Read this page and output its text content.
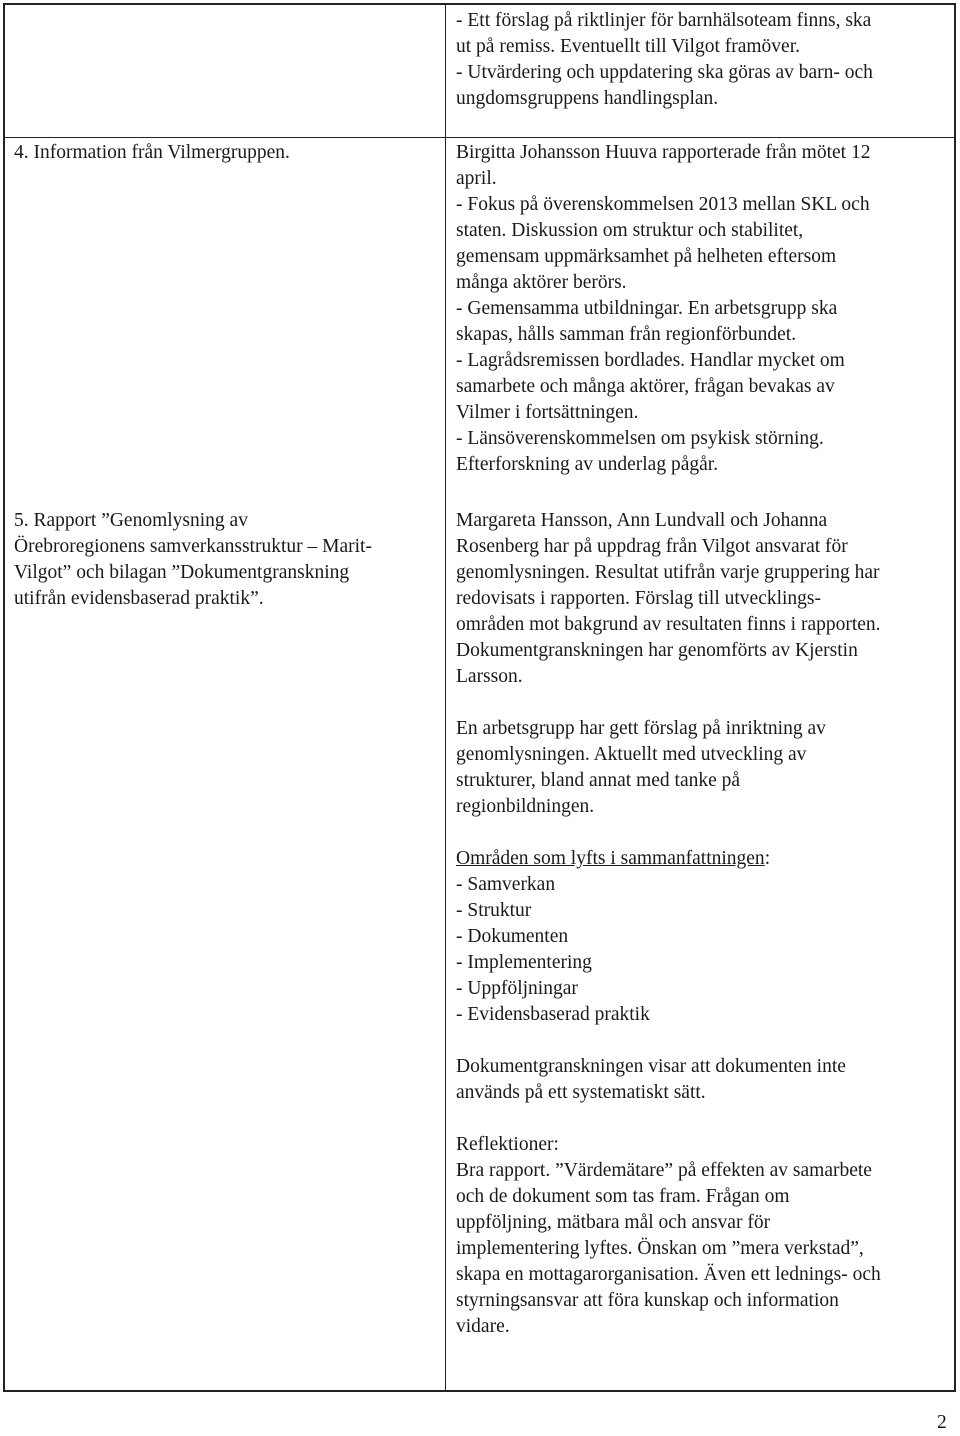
- Ett förslag på riktlinjer för barnhälsoteam finns, ska
ut på remiss. Eventuellt till Vilgot framöver.
- Utvärdering och uppdatering ska göras av barn- och
ungdomsgruppens handlingsplan.
4. Information från Vilmergruppen.	Birgitta Johansson Huuva rapporterade från mötet 12
april.
- Fokus på överenskommelsen 2013 mellan SKL och
staten. Diskussion om struktur och stabilitet,
gemensam uppmärksamhet på helheten eftersom
många aktörer berörs.
- Gemensamma utbildningar. En arbetsgrupp ska
skapas, hålls samman från regionförbundet.
- Lagrådsremissen bordlades. Handlar mycket om
samarbete och många aktörer, frågan bevakas av
Vilmer i fortsättningen.
- Länsöverenskommelsen om psykisk störning.
Efterforskning av underlag pågår.
5. Rapport ”Genomlysning av
Örebroregionens samverkansstruktur – Marit-
Vilgot” och bilagan ”Dokumentgranskning
utifrån evidensbaserad praktik”.
Margareta Hansson, Ann Lundvall och Johanna
Rosenberg har på uppdrag från Vilgot ansvarat för
genomlysningen. Resultat utifrån varje gruppering har
redovisats i rapporten. Förslag till utvecklings-
områden mot bakgrund av resultaten finns i rapporten.
Dokumentgranskningen har genomförts av Kjerstin
Larsson.
En arbetsgrupp har gett förslag på inriktning av
genomlysningen. Aktuellt med utveckling av
strukturer, bland annat med tanke på
regionbildningen.
Områden som lyfts i sammanfattningen:
- Samverkan
- Struktur
- Dokumenten
- Implementering
- Uppföljningar
- Evidensbaserad praktik
Dokumentgranskningen visar att dokumenten inte
används på ett systematiskt sätt.
Reflektioner:
Bra rapport. ”Värdemätare” på effekten av samarbete
och de dokument som tas fram. Frågan om
uppföljning, mätbara mål och ansvar för
implementering lyftes. Önskan om ”mera verkstad”,
skapa en mottagarorganisation. Även ett lednings- och
styrningsansvar att föra kunskap och information
vidare.
2
